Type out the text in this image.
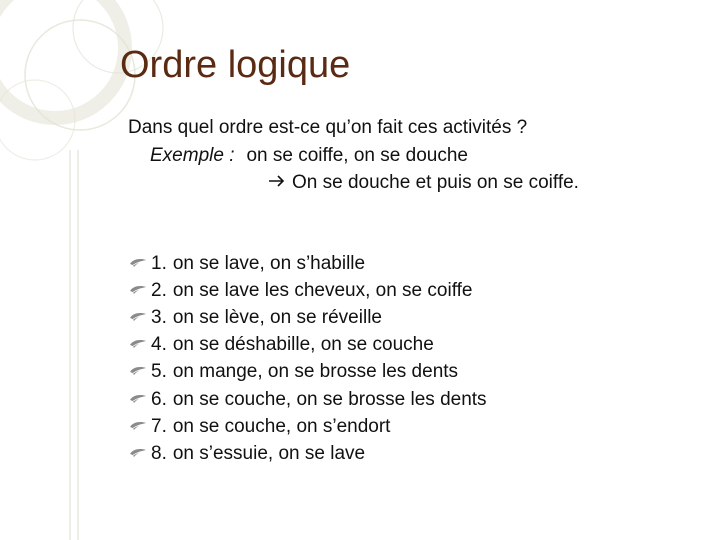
Ordre logique
Dans quel ordre est-ce qu’on fait ces activités ?
Exemple : on se coiffe, on se douche
On se douche et puis on se coiffe.
1. on se lave, on s’habille
2. on se lave les cheveux, on se coiffe
3. on se lève, on se réveille
4. on se déshabille, on se couche
5. on mange, on se brosse les dents
6. on se couche, on se brosse les dents
7. on se couche, on s’endort
8. on s’essuie, on se lave
